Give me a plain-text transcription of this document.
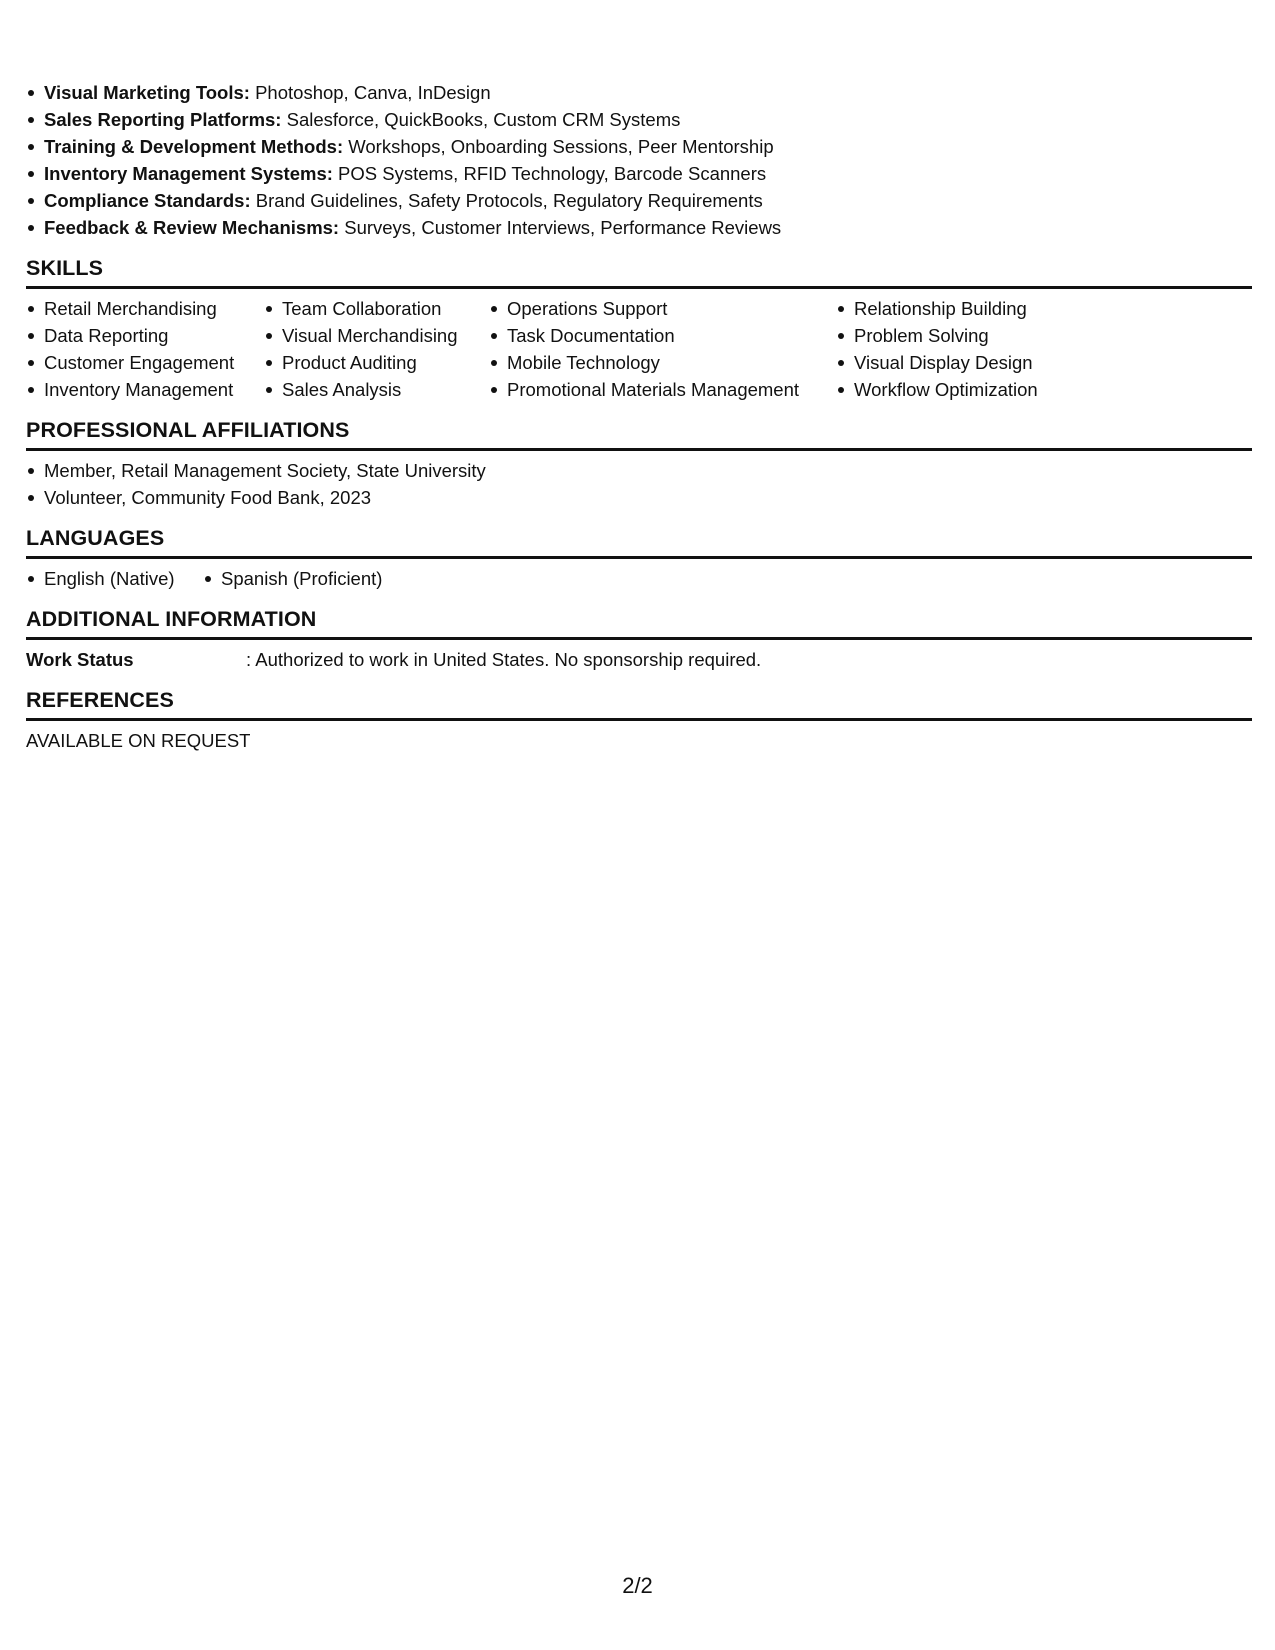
Visual Marketing Tools: Photoshop, Canva, InDesign
Sales Reporting Platforms: Salesforce, QuickBooks, Custom CRM Systems
Training & Development Methods: Workshops, Onboarding Sessions, Peer Mentorship
Inventory Management Systems: POS Systems, RFID Technology, Barcode Scanners
Compliance Standards: Brand Guidelines, Safety Protocols, Regulatory Requirements
Feedback & Review Mechanisms: Surveys, Customer Interviews, Performance Reviews
SKILLS
Retail Merchandising
Data Reporting
Customer Engagement
Inventory Management
Team Collaboration
Visual Merchandising
Product Auditing
Sales Analysis
Operations Support
Task Documentation
Mobile Technology
Promotional Materials Management
Relationship Building
Problem Solving
Visual Display Design
Workflow Optimization
PROFESSIONAL AFFILIATIONS
Member, Retail Management Society, State University
Volunteer, Community Food Bank, 2023
LANGUAGES
English (Native)	Spanish (Proficient)
ADDITIONAL INFORMATION
Work Status	: Authorized to work in United States. No sponsorship required.
REFERENCES
AVAILABLE ON REQUEST
2/2
